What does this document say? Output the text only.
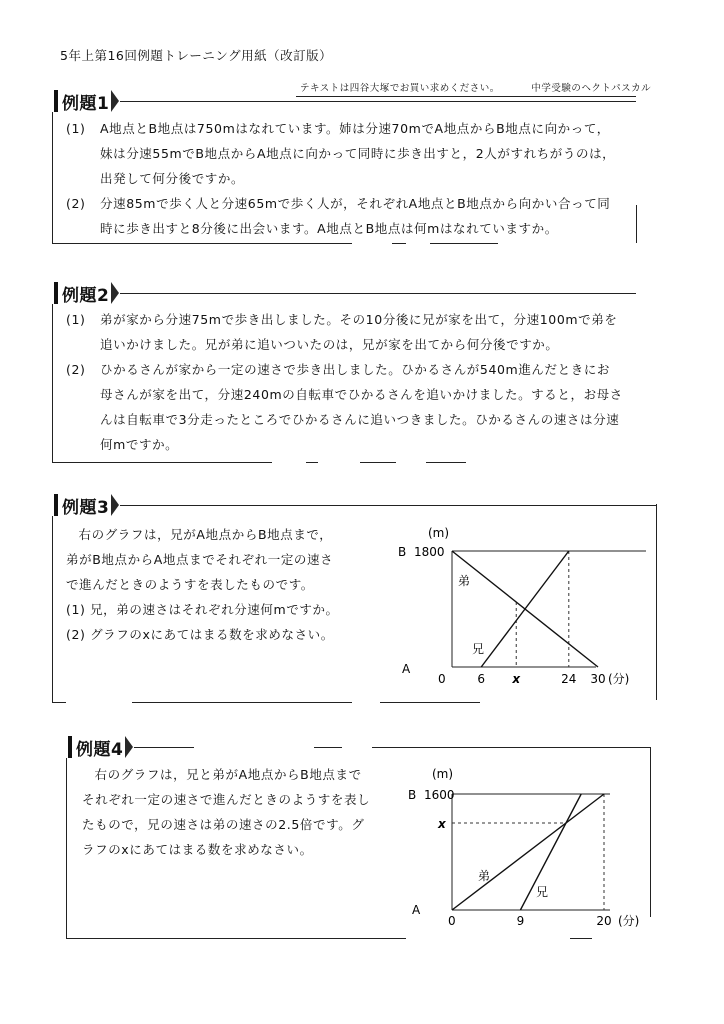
5年上第16回例題トレーニング用紙（改訂版）
テキストは四谷大塚でお買い求めください。	中学受験のヘクトパスカル
例題1
(1) A地点とB地点は750mはなれています。姉は分速70mでA地点からB地点に向かって，
妹は分速55mでB地点からA地点に向かって同時に歩き出すと，2人がすれちがうのは，
出発して何分後ですか。
(2) 分速85mで歩く人と分速65mで歩く人が，それぞれA地点とB地点から向かい合って同
時に歩き出すと8分後に出会います。A地点とB地点は何mはなれていますか。
例題2
(1) 弟が家から分速75mで歩き出しました。その10分後に兄が家を出て，分速100mで弟を
追いかけました。兄が弟に追いついたのは，兄が家を出てから何分後ですか。
(2) ひかるさんが家から一定の速さで歩き出しました。ひかるさんが540m進んだときにお
母さんが家を出て，分速240mの自転車でひかるさんを追いかけました。すると，お母さ
んは自転車で3分走ったところでひかるさんに追いつきました。ひかるさんの速さは分速
何mですか。
例題3
右のグラフは，兄がA地点からB地点まで，
弟がB地点からA地点までそれぞれ一定の速さ
で進んだときのようすを表したものです。
(1) 兄，弟の速さはそれぞれ分速何mですか。
(2) グラフのxにあてはまる数を求めなさい。
(m)
B 1800
A
0	6 x	24 30 (分)
弟
兄
例題4
右のグラフは，兄と弟がA地点からB地点まで
それぞれ一定の速さで進んだときのようすを表し
たもので，兄の速さは弟の速さの2.5倍です。グ
ラフのxにあてはまる数を求めなさい。
(m)
B 1600
A
0	9	20 (分)
x
弟
兄
